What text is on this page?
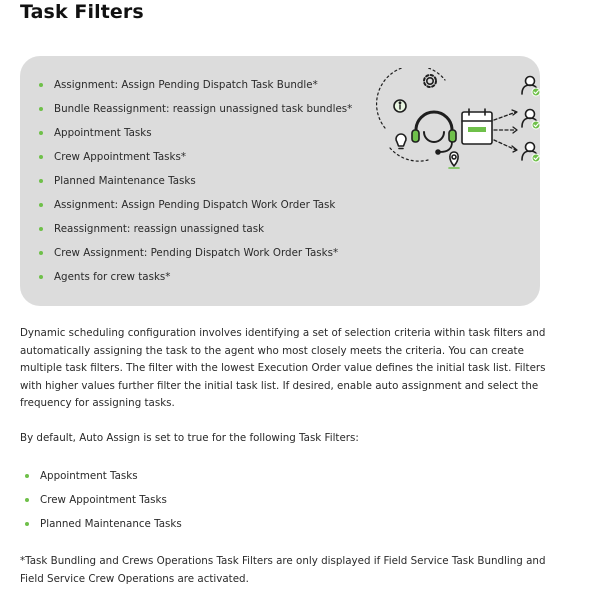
Task Filters
Assignment: Assign Pending Dispatch Task Bundle*
Bundle Reassignment: reassign unassigned task bundles*
Appointment Tasks
Crew Appointment Tasks*
Planned Maintenance Tasks
Assignment: Assign Pending Dispatch Work Order Task
Reassignment: reassign unassigned task
Crew Assignment: Pending Dispatch Work Order Tasks*
Agents for crew tasks*

Dynamic scheduling configuration involves identifying a set of selection criteria within task filters and automatically assigning the task to the agent who most closely meets the criteria. You can create multiple task filters. The filter with the lowest Execution Order value defines the initial task list. Filters with higher values further filter the initial task list. If desired, enable auto assignment and select the frequency for assigning tasks.

By default, Auto Assign is set to true for the following Task Filters:

Appointment Tasks
Crew Appointment Tasks
Planned Maintenance Tasks

*Task Bundling and Crews Operations Task Filters are only displayed if Field Service Task Bundling and Field Service Crew Operations are activated.
